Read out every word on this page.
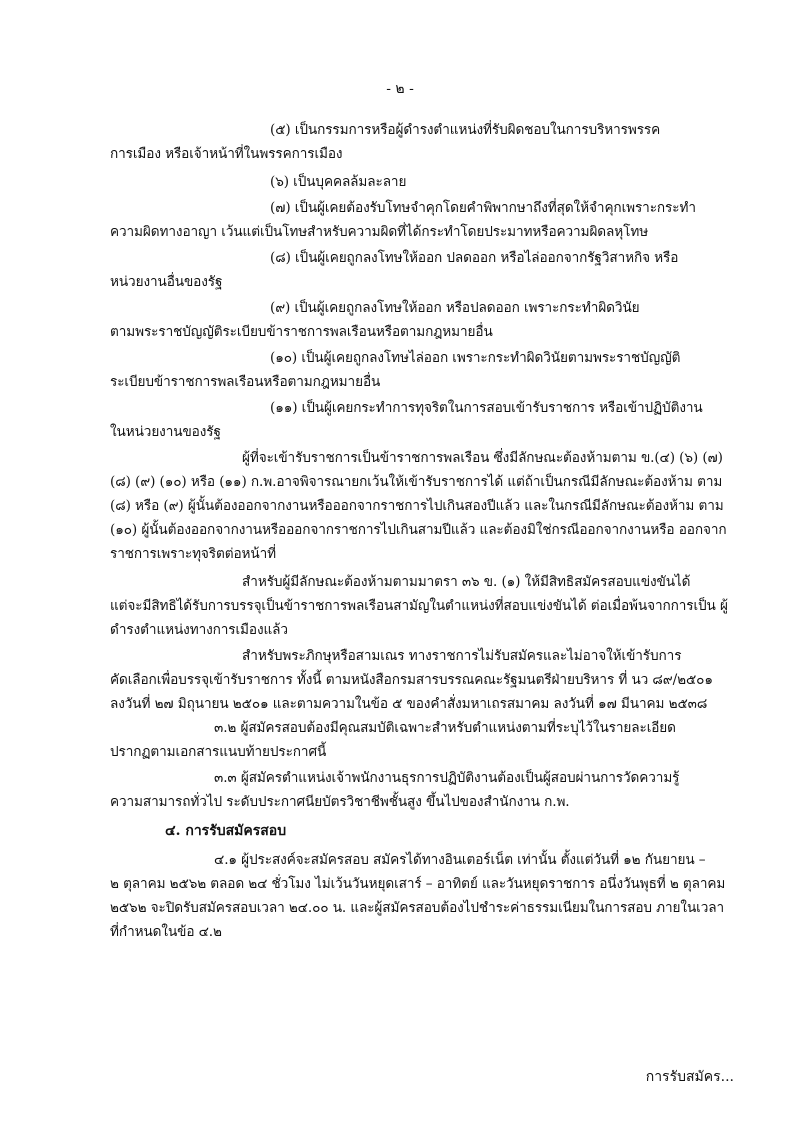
- ๒ -
(๕) เป็นกรรมการหรือผู้ดำรงตำแหน่งที่รับผิดชอบในการบริหารพรรค
การเมือง หรือเจ้าหน้าที่ในพรรคการเมือง
(๖) เป็นบุคคลล้มละลาย
(๗) เป็นผู้เคยต้องรับโทษจำคุกโดยคำพิพากษาถึงที่สุดให้จำคุกเพราะกระทำ
ความผิดทางอาญา เว้นแต่เป็นโทษสำหรับความผิดที่ได้กระทำโดยประมาทหรือความผิดลหุโทษ
(๘) เป็นผู้เคยถูกลงโทษให้ออก ปลดออก หรือไล่ออกจากรัฐวิสาหกิจ หรือ
หน่วยงานอื่นของรัฐ
(๙) เป็นผู้เคยถูกลงโทษให้ออก หรือปลดออก เพราะกระทำผิดวินัย
ตามพระราชบัญญัติระเบียบข้าราชการพลเรือนหรือตามกฎหมายอื่น
(๑๐) เป็นผู้เคยถูกลงโทษไล่ออก เพราะกระทำผิดวินัยตามพระราชบัญญัติ
ระเบียบข้าราชการพลเรือนหรือตามกฎหมายอื่น
(๑๑) เป็นผู้เคยกระทำการทุจริตในการสอบเข้ารับราชการ หรือเข้าปฏิบัติงาน
ในหน่วยงานของรัฐ
ผู้ที่จะเข้ารับราชการเป็นข้าราชการพลเรือน ซึ่งมีลักษณะต้องห้ามตาม ข.(๔) (๖) (๗)
(๘) (๙) (๑๐) หรือ (๑๑) ก.พ.อาจพิจารณายกเว้นให้เข้ารับราชการได้ แต่ถ้าเป็นกรณีมีลักษณะต้องห้าม ตาม (๘) หรือ (๙) ผู้นั้นต้องออกจากงานหรือออกจากราชการไปเกินสองปีแล้ว และในกรณีมีลักษณะต้องห้าม ตาม (๑๐) ผู้นั้นต้องออกจากงานหรือออกจากราชการไปเกินสามปีแล้ว และต้องมิใช่กรณีออกจากงานหรือ ออกจากราชการเพราะทุจริตต่อหน้าที่
สำหรับผู้มีลักษณะต้องห้ามตามมาตรา ๓๖ ข. (๑) ให้มีสิทธิสมัครสอบแข่งขันได้
แต่จะมีสิทธิได้รับการบรรจุเป็นข้าราชการพลเรือนสามัญในตำแหน่งที่สอบแข่งขันได้ ต่อเมื่อพ้นจากการเป็น ผู้ดำรงตำแหน่งทางการเมืองแล้ว
สำหรับพระภิกษุหรือสามเณร ทางราชการไม่รับสมัครและไม่อาจให้เข้ารับการ
คัดเลือกเพื่อบรรจุเข้ารับราชการ ทั้งนี้ ตามหนังสือกรมสารบรรณคณะรัฐมนตรีฝ่ายบริหาร ที่ นว ๘๙/๒๕๐๑ ลงวันที่ ๒๗ มิถุนายน ๒๕๐๑ และตามความในข้อ ๕ ของคำสั่งมหาเถรสมาคม ลงวันที่ ๑๗ มีนาคม ๒๕๓๘
๓.๒ ผู้สมัครสอบต้องมีคุณสมบัติเฉพาะสำหรับตำแหน่งตามที่ระบุไว้ในรายละเอียด
ปรากฏตามเอกสารแนบท้ายประกาศนี้
๓.๓ ผู้สมัครตำแหน่งเจ้าพนักงานธุรการปฏิบัติงานต้องเป็นผู้สอบผ่านการวัดความรู้
ความสามารถทั่วไป ระดับประกาศนียบัตรวิชาชีพชั้นสูง ขึ้นไปของสำนักงาน ก.พ.
๔. การรับสมัครสอบ
๔.๑ ผู้ประสงค์จะสมัครสอบ สมัครได้ทางอินเตอร์เน็ต เท่านั้น ตั้งแต่วันที่ ๑๒ กันยายน –
๒ ตุลาคม ๒๕๖๒ ตลอด ๒๔ ชั่วโมง ไม่เว้นวันหยุดเสาร์ – อาทิตย์ และวันหยุดราชการ อนึ่งวันพุธที่ ๒ ตุลาคม ๒๕๖๒ จะปิดรับสมัครสอบเวลา ๒๔.๐๐ น. และผู้สมัครสอบต้องไปชำระค่าธรรมเนียมในการสอบ ภายในเวลาที่กำหนดในข้อ ๔.๒
การรับสมัคร...
